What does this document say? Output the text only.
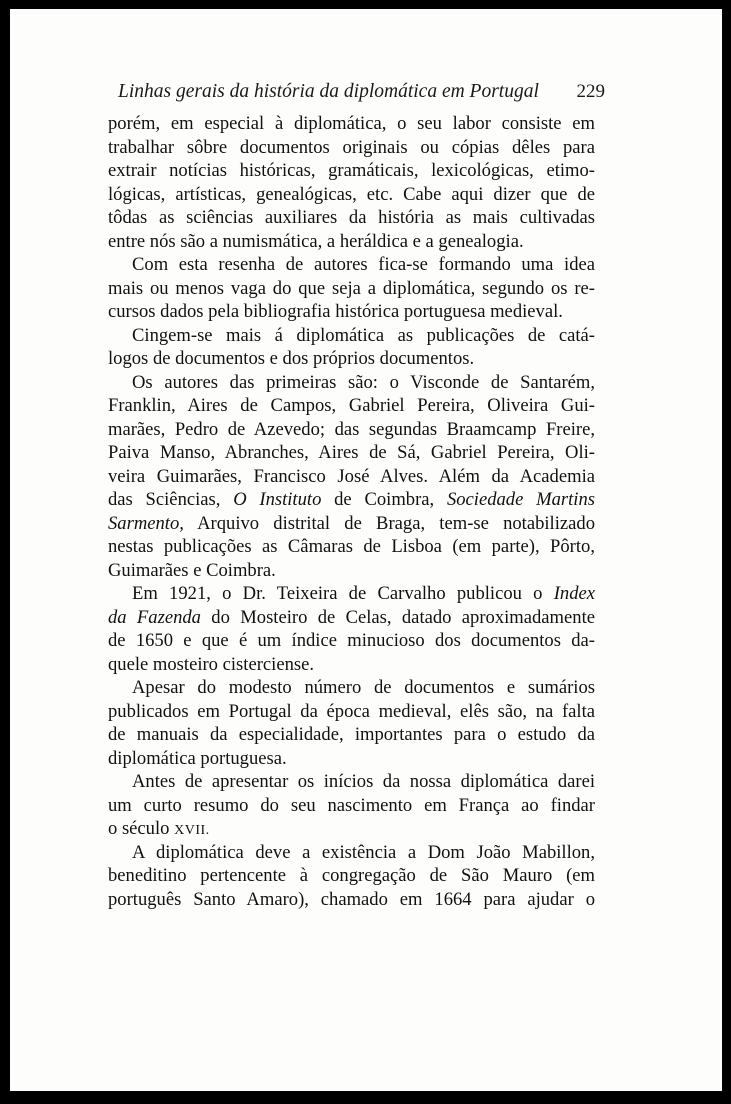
Linhas gerais da história da diplomática em Portugal 229
porém, em especial à diplomática, o seu labor consiste em
trabalhar sôbre documentos originais ou cópias dêles para
extrair notícias históricas, gramáticais, lexicológicas, etimo-
lógicas, artísticas, genealógicas, etc. Cabe aqui dizer que de
tôdas as sciências auxiliares da história as mais cultivadas
entre nós são a numismática, a heráldica e a genealogia.
Com esta resenha de autores fica-se formando uma idea
mais ou menos vaga do que seja a diplomática, segundo os re-
cursos dados pela bibliografia histórica portuguesa medieval.
Cingem-se mais á diplomática as publicações de catá-
logos de documentos e dos próprios documentos.
Os autores das primeiras são: o Visconde de Santarém,
Franklin, Aires de Campos, Gabriel Pereira, Oliveira Gui-
marães, Pedro de Azevedo; das segundas Braamcamp Freire,
Paiva Manso, Abranches, Aires de Sá, Gabriel Pereira, Oli-
veira Guimarães, Francisco José Alves. Além da Academia
das Sciências, O Instituto de Coimbra, Sociedade Martins
Sarmento, Arquivo distrital de Braga, tem-se notabilizado
nestas publicações as Câmaras de Lisboa (em parte), Pôrto,
Guimarães e Coimbra.
Em 1921, o Dr. Teixeira de Carvalho publicou o Index
da Fazenda do Mosteiro de Celas, datado aproximadamente
de 1650 e que é um índice minucioso dos documentos da-
quele mosteiro cisterciense.
Apesar do modesto número de documentos e sumários
publicados em Portugal da época medieval, elês são, na falta
de manuais da especialidade, importantes para o estudo da
diplomática portuguesa.
Antes de apresentar os inícios da nossa diplomática darei
um curto resumo do seu nascimento em França ao findar
o século XVII.
A diplomática deve a existência a Dom João Mabillon,
beneditino pertencente à congregação de São Mauro (em
português Santo Amaro), chamado em 1664 para ajudar o
